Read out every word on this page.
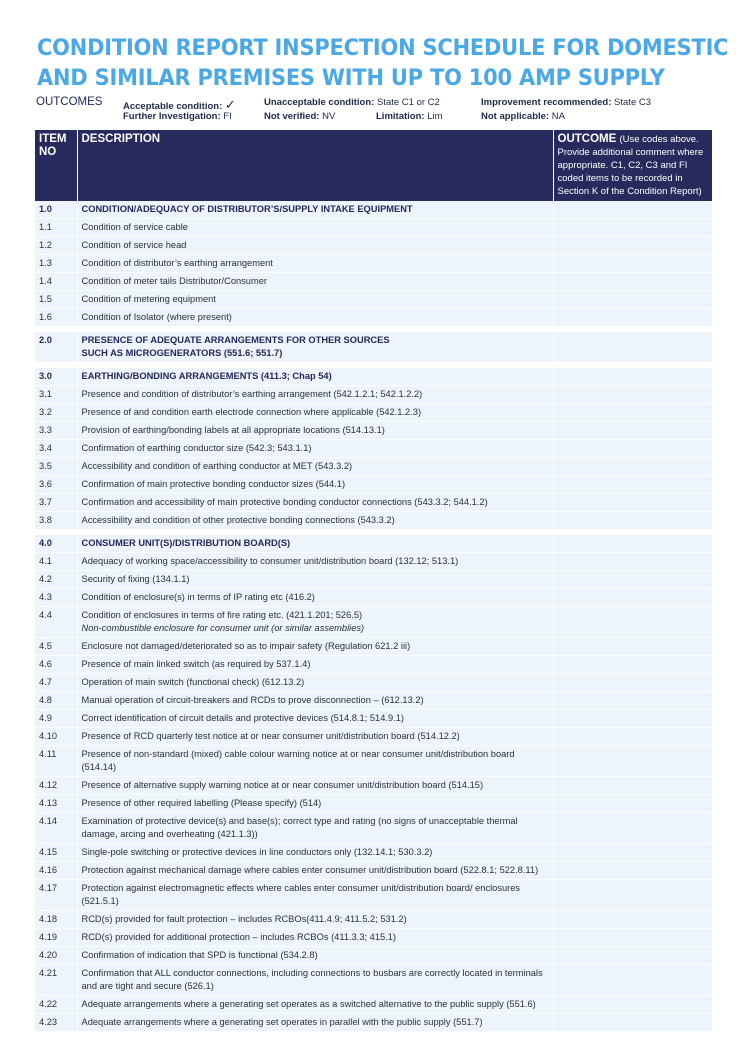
CONDITION REPORT INSPECTION SCHEDULE FOR DOMESTIC
AND SIMILAR PREMISES WITH UP TO 100 AMP SUPPLY
OUTCOMES Acceptable condition: ✓	Unacceptable condition: State C1 or C2	Improvement recommended: State C3
Further Investigation: FI	Not verified: NV	Limitation: Lim	Not applicable: NA
ITEM NO	DESCRIPTION	OUTCOME (Use codes above. Provide additional comment where appropriate. C1, C2, C3 and FI coded items to be recorded in Section K of the Condition Report)
1.0	CONDITION/ADEQUACY OF DISTRIBUTOR’S/SUPPLY INTAKE EQUIPMENT	
1.1	Condition of service cable	
1.2	Condition of service head	
1.3	Condition of distributor’s earthing arrangement	
1.4	Condition of meter tails Distributor/Consumer	
1.5	Condition of metering equipment	
1.6	Condition of Isolator (where present)	

2.0	PRESENCE OF ADEQUATE ARRANGEMENTS FOR OTHER SOURCES
SUCH AS MICROGENERATORS (551.6; 551.7)	

3.0	EARTHING/BONDING ARRANGEMENTS (411.3; Chap 54)	
3.1	Presence and condition of distributor’s earthing arrangement (542.1.2.1; 542.1.2.2)	
3.2	Presence of and condition earth electrode connection where applicable (542.1.2.3)	
3.3	Provision of earthing/bonding labels at all appropriate locations (514.13.1)	
3.4	Confirmation of earthing conductor size (542.3; 543.1.1)	
3.5	Accessibility and condition of earthing conductor at MET (543.3.2)	
3.6	Confirmation of main protective bonding conductor sizes (544.1)	
3.7	Confirmation and accessibility of main protective bonding conductor connections (543.3.2; 544.1.2)	
3.8	Accessibility and condition of other protective bonding connections (543.3.2)	

4.0	CONSUMER UNIT(S)/DISTRIBUTION BOARD(S)	
4.1	Adequacy of working space/accessibility to consumer unit/distribution board (132.12; 513.1)	
4.2	Security of fixing (134.1.1)	
4.3	Condition of enclosure(s) in terms of IP rating etc (416.2)	
4.4	Condition of enclosures in terms of fire rating etc. (421.1.201; 526.5)
Non-combustible enclosure for consumer unit (or similar assemblies)	

4.5	Enclosure not damaged/deteriorated so as to impair safety (Regulation 621.2 iii)	
4.6	Presence of main linked switch (as required by 537.1.4)	
4.7	Operation of main switch (functional check) (612.13.2)	
4.8	Manual operation of circuit-breakers and RCDs to prove disconnection – (612.13.2)	
4.9	Correct identification of circuit details and protective devices (514.8.1; 514.9.1)	
4.10	Presence of RCD quarterly test notice at or near consumer unit/distribution board (514.12.2)	
4.11	Presence of non-standard (mixed) cable colour warning notice at or near consumer unit/distribution board (514.14)	
4.12	Presence of alternative supply warning notice at or near consumer unit/distribution board (514.15)	
4.13	Presence of other required labelling (Please specify) (514)	
4.14	Examination of protective device(s) and base(s); correct type and rating (no signs of unacceptable thermal damage, arcing and overheating (421.1.3))	
4.15	Single-pole switching or protective devices in line conductors only (132.14.1; 530.3.2)	
4.16	Protection against mechanical damage where cables enter consumer unit/distribution board (522.8.1; 522.8.11)	
4.17	Protection against electromagnetic effects where cables enter consumer unit/distribution board/ enclosures (521.5.1)	
4.18	RCD(s) provided for fault protection – includes RCBOs(411.4.9; 411.5.2; 531.2)	
4.19	RCD(s) provided for additional protection – includes RCBOs (411.3.3; 415.1)	
4.20	Confirmation of indication that SPD is functional (534.2.8)	
4.21	Confirmation that ALL conductor connections, including connections to busbars are correctly located in terminals and are tight and secure (526.1)	
4.22	Adequate arrangements where a generating set operates as a switched alternative to the public supply (551.6)	
4.23	Adequate arrangements where a generating set operates in parallel with the public supply (551.7)	
